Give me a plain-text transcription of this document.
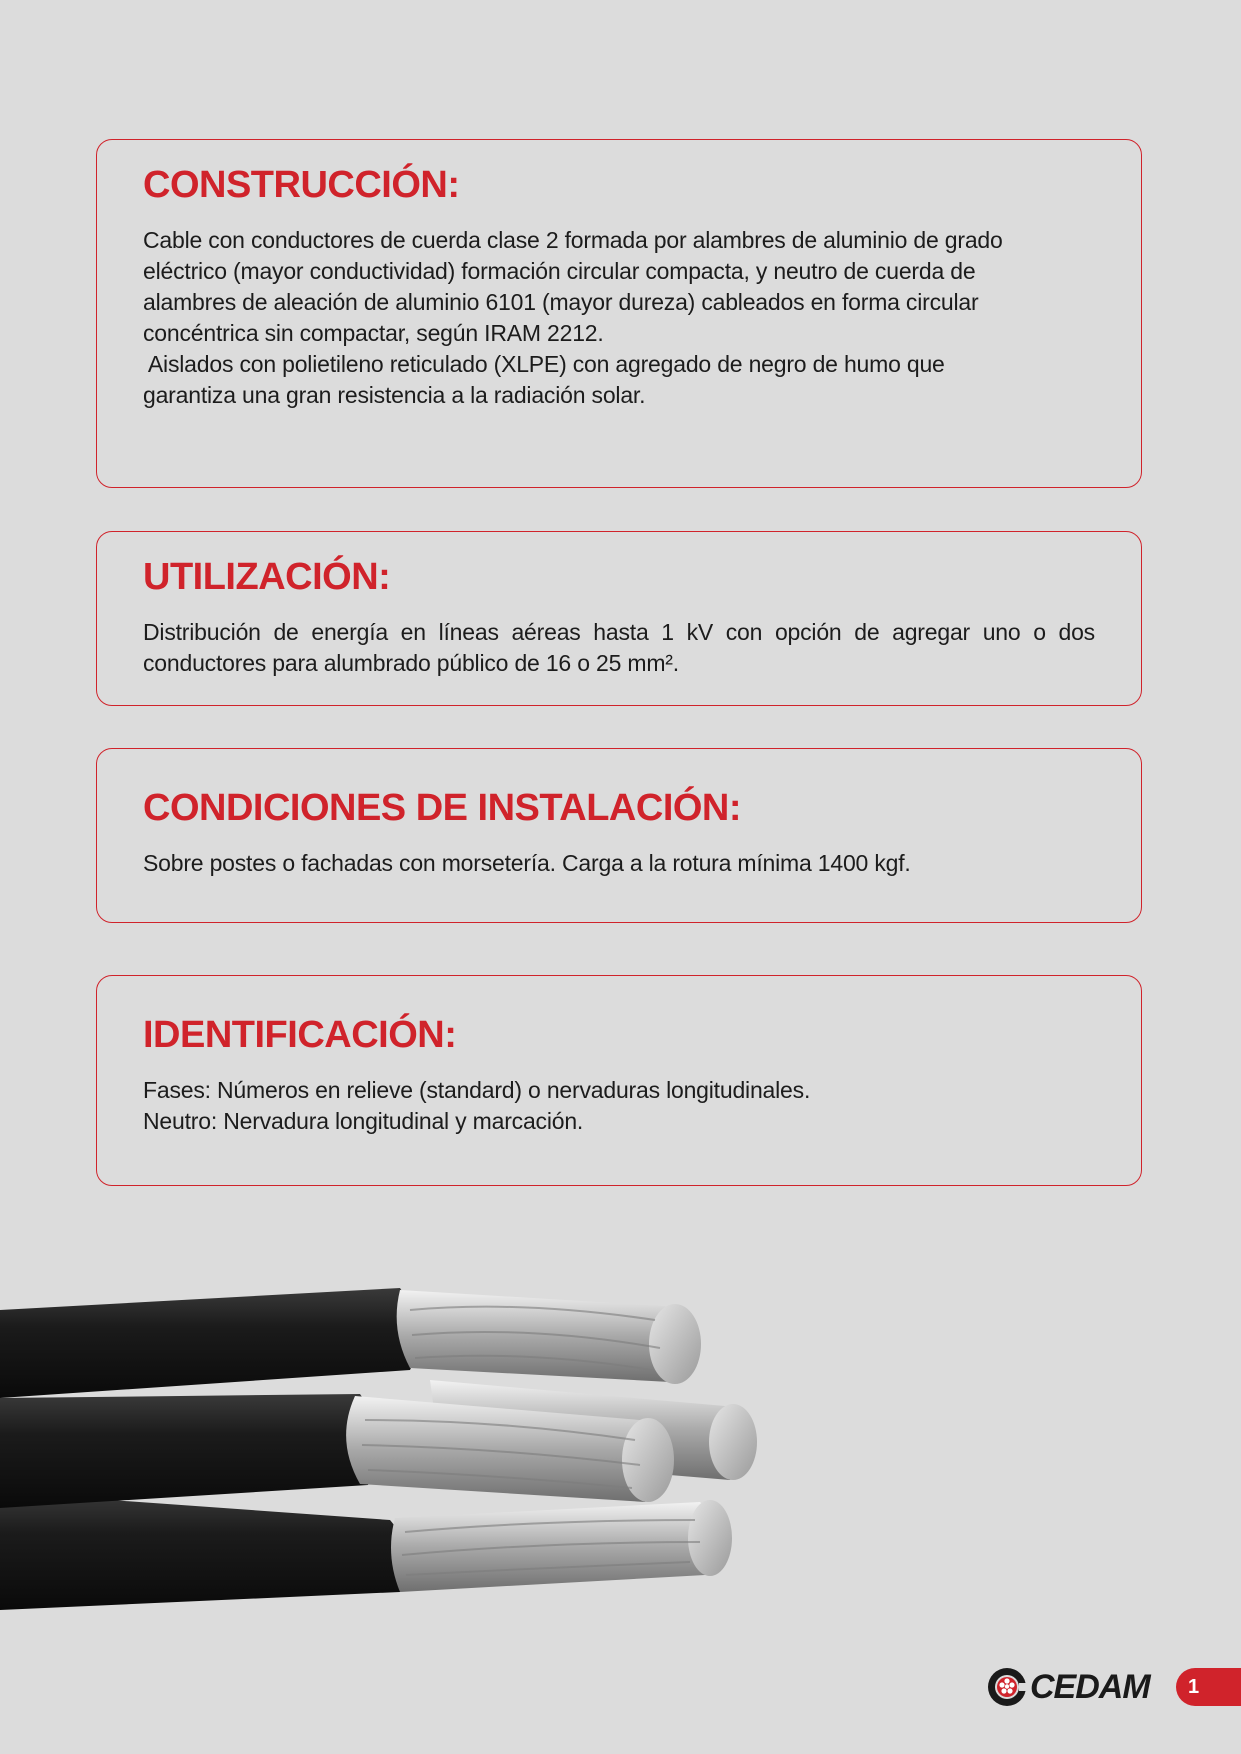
CONSTRUCCIÓN:

Cable con conductores de cuerda clase 2 formada por alambres de aluminio de grado
eléctrico (mayor conductividad) formación circular compacta, y neutro de cuerda de
alambres de aleación de aluminio 6101 (mayor dureza) cableados en forma circular
concéntrica sin compactar, según IRAM 2212.
Aislados con polietileno reticulado (XLPE) con agregado de negro de humo que
garantiza una gran resistencia a la radiación solar.

UTILIZACIÓN:

Distribución de energía en líneas aéreas hasta 1 kV con opción de agregar uno o dos conductores para alumbrado público de 16 o 25 mm².

CONDICIONES DE INSTALACIÓN:

Sobre postes o fachadas con morsetería. Carga a la rotura mínima 1400 kgf.

IDENTIFICACIÓN:

Fases: Números en relieve (standard) o nervaduras longitudinales.
Neutro: Nervadura longitudinal y marcación.

CEDAM	1
